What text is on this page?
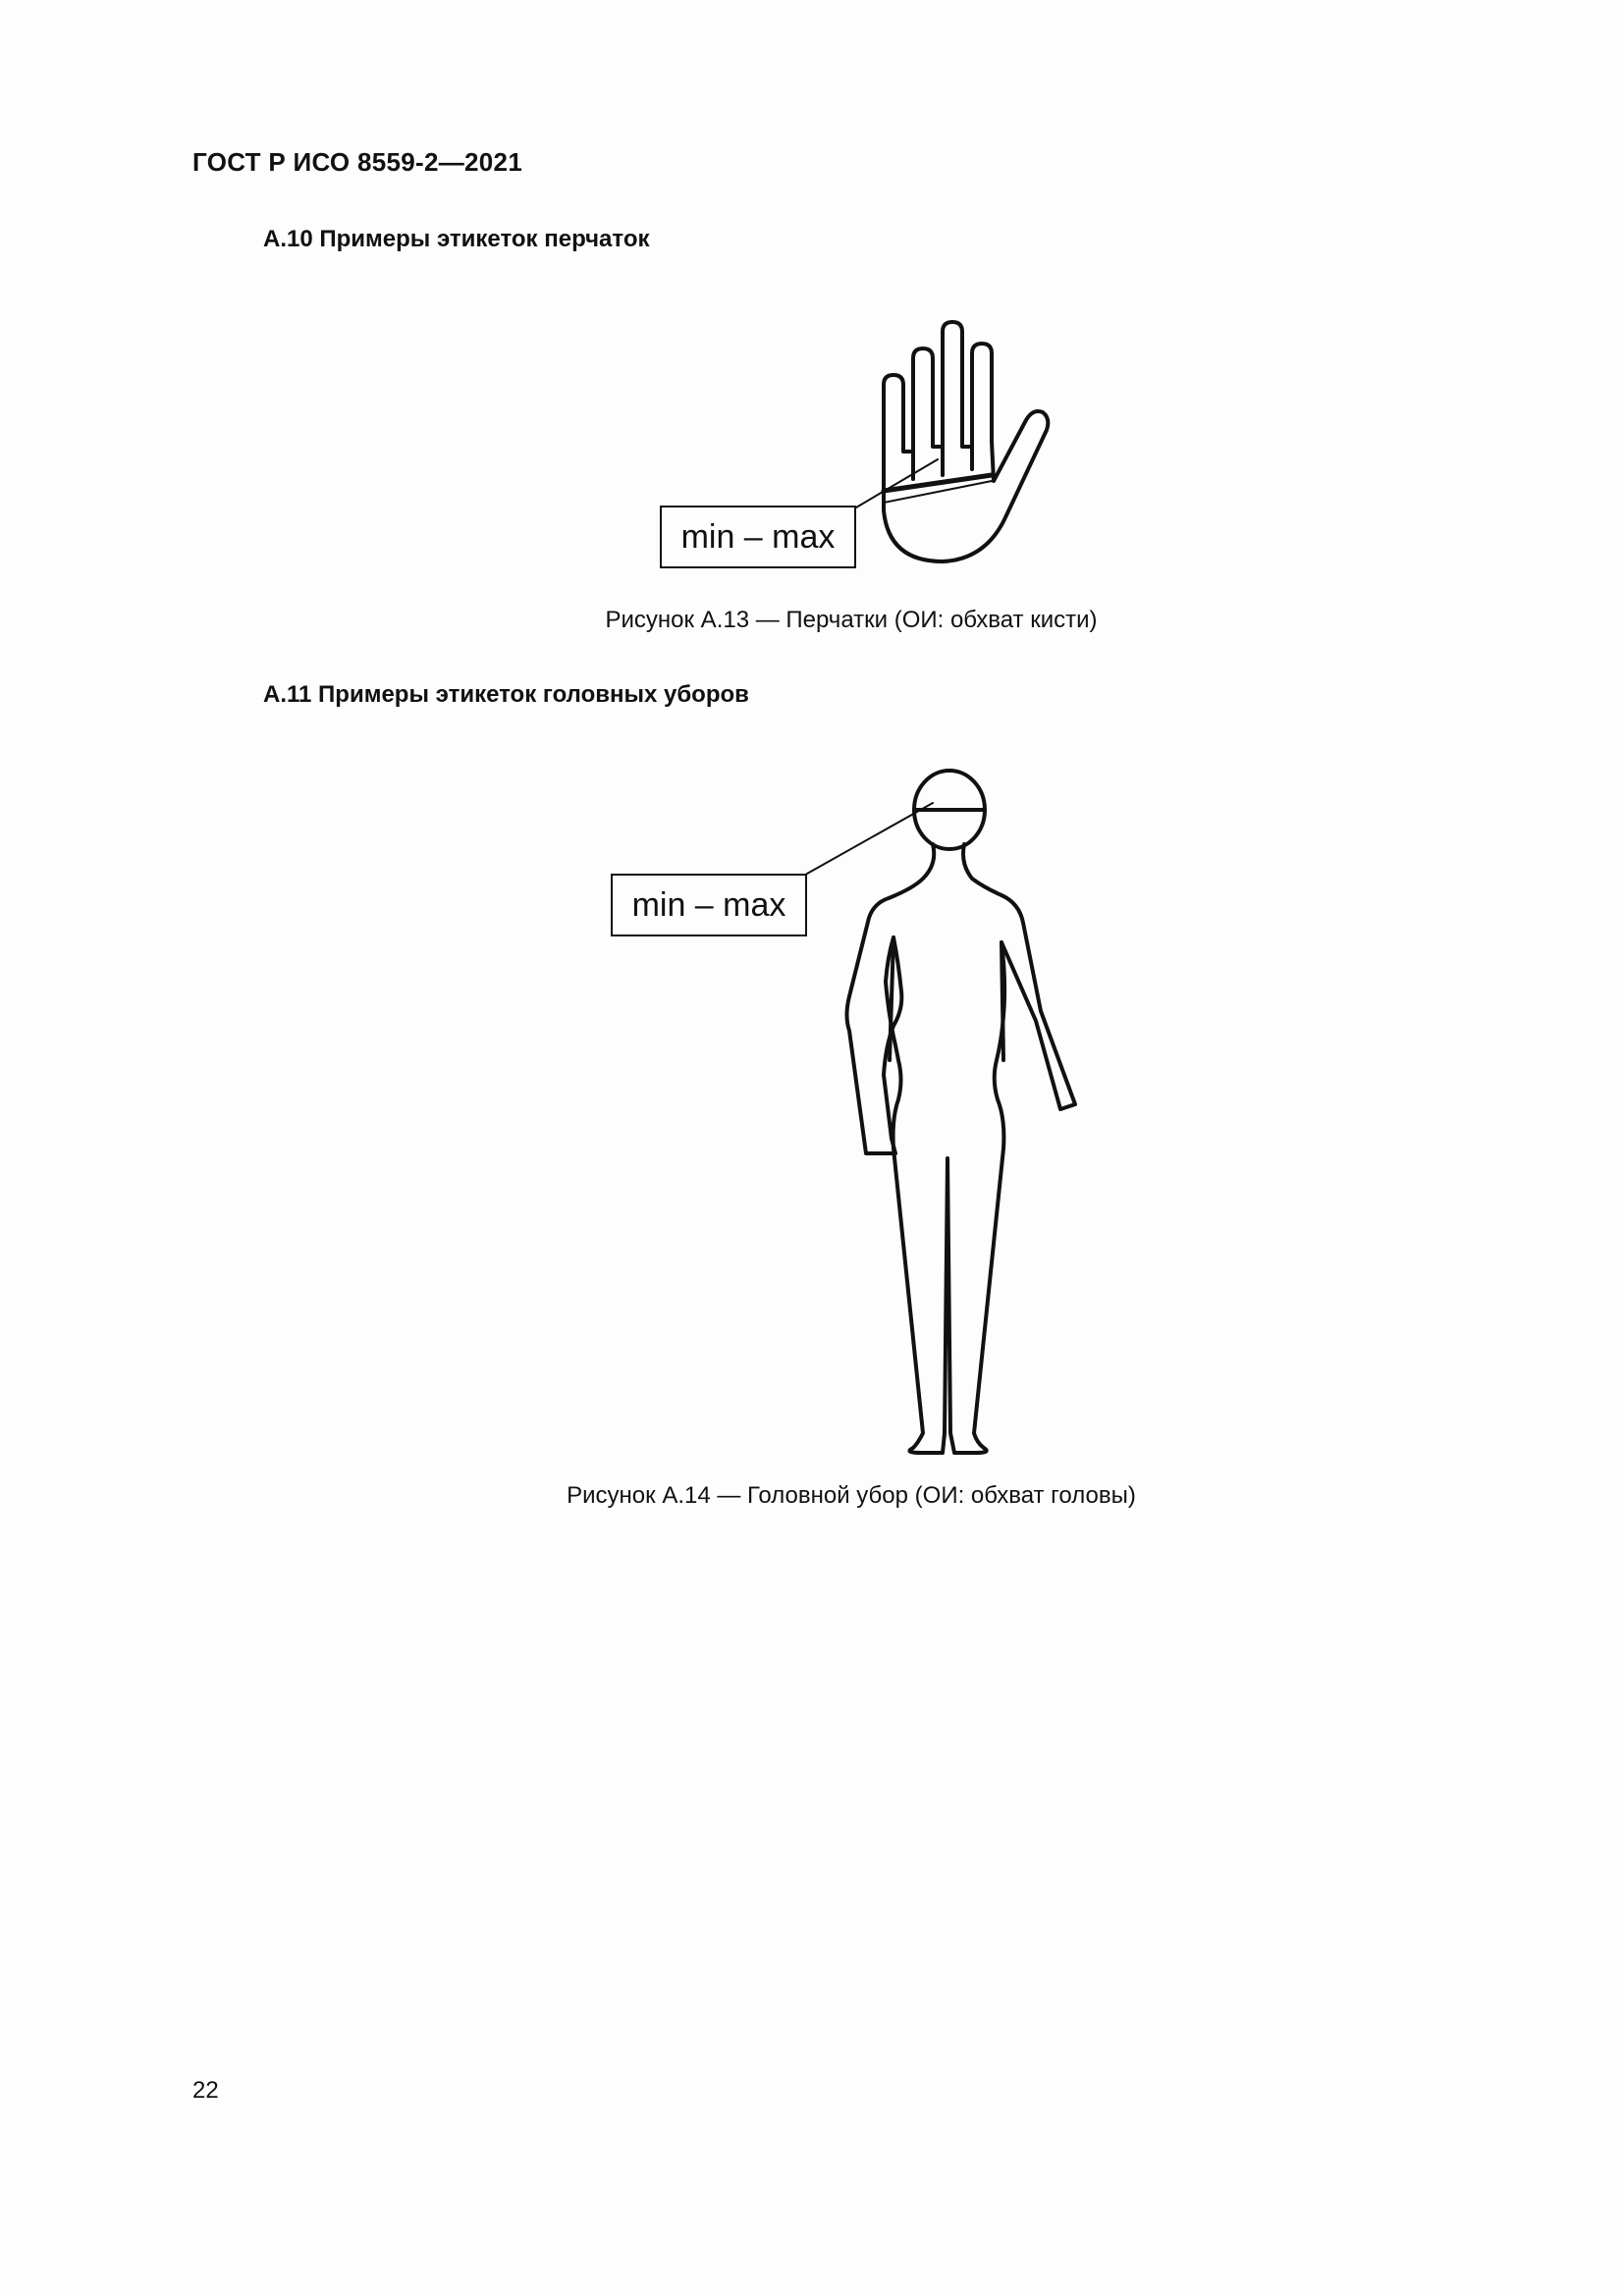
ГОСТ Р ИСО 8559-2—2021
А.10 Примеры этикеток перчаток
min – max
Рисунок А.13 — Перчатки (ОИ: обхват кисти)
А.11 Примеры этикеток головных уборов
min – max
Рисунок А.14 — Головной убор (ОИ: обхват головы)
22
